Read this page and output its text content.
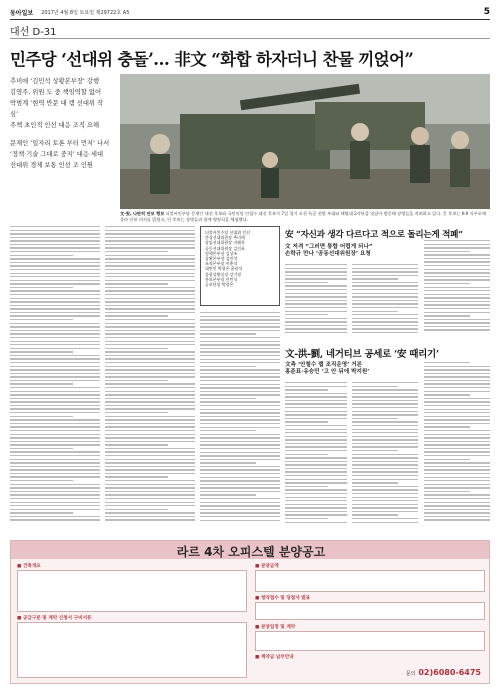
동아일보 2017년 4월 8일 토요일 제29722호 A5	5
대선 D-31
민주당 ‘선대위 충돌’… 非文 “화합 하자더니 찬물 끼얹어”
추미애 ‘김민석 상황본부장’ 강행
김영주, 위원 도 중 책임역할 없어
박범계 ‘현역 반문 대 캠 선대위 작심’
주책 초인적 인선 대응 조직 요해
문재인 ‘일자리 토론 부터 먼저’ 나서
‘정책·기술 그대로 중지’ 대응 세대
선대위 경제 보통 인선 조 인원
文·安, 나란히 안보 행보 더불어민주당 문재인 대선 후보와 국민의당 안철수 대선 후보가 7일 경기 포천 육군 전방 부대와 해병대 2사단을 잇달아 방문해 장병들을 격려하고 있다. 문 후보는 K-9 자주포에 올라 안보 의지를 밝혔고, 안 후보는 장병들과 함께 병영식을 체험했다.
더불어민주당 선대위 인선
총괄선대위원장 추미애
상임선대위원장 이해찬
공동선대위원장 김진표
정책본부장 김상조
상황본부장 김민석
조직본부장 이춘석
대변인 박광온 윤관석
종합상황실장 강기정
홍보본부장 안민석
공보단장 박광온
安 “자신과 생각 다르다고 적으로 돌리는게 적폐”
文 저격 “그러면 통합 어렵게 되나”
손학규 만나 ‘공동선대위원장’ 요청
文-洪-劉, 네거티브 공세로 ‘安 때리기’
文측 ‘안철수 랩 조직운영’ 거론
홍준표·유승민 ‘고 안 뒤에 박지원’
라르 4차 오피스텔 분양공고
■ 건축개요
■ 공급구분 및 계약 신청서 구비서류
■ 분양금액
■ 청약접수 및 당첨자 발표
■ 분양일정 및 계약
■ 계약금 납부안내
문의 02)6080-6475
